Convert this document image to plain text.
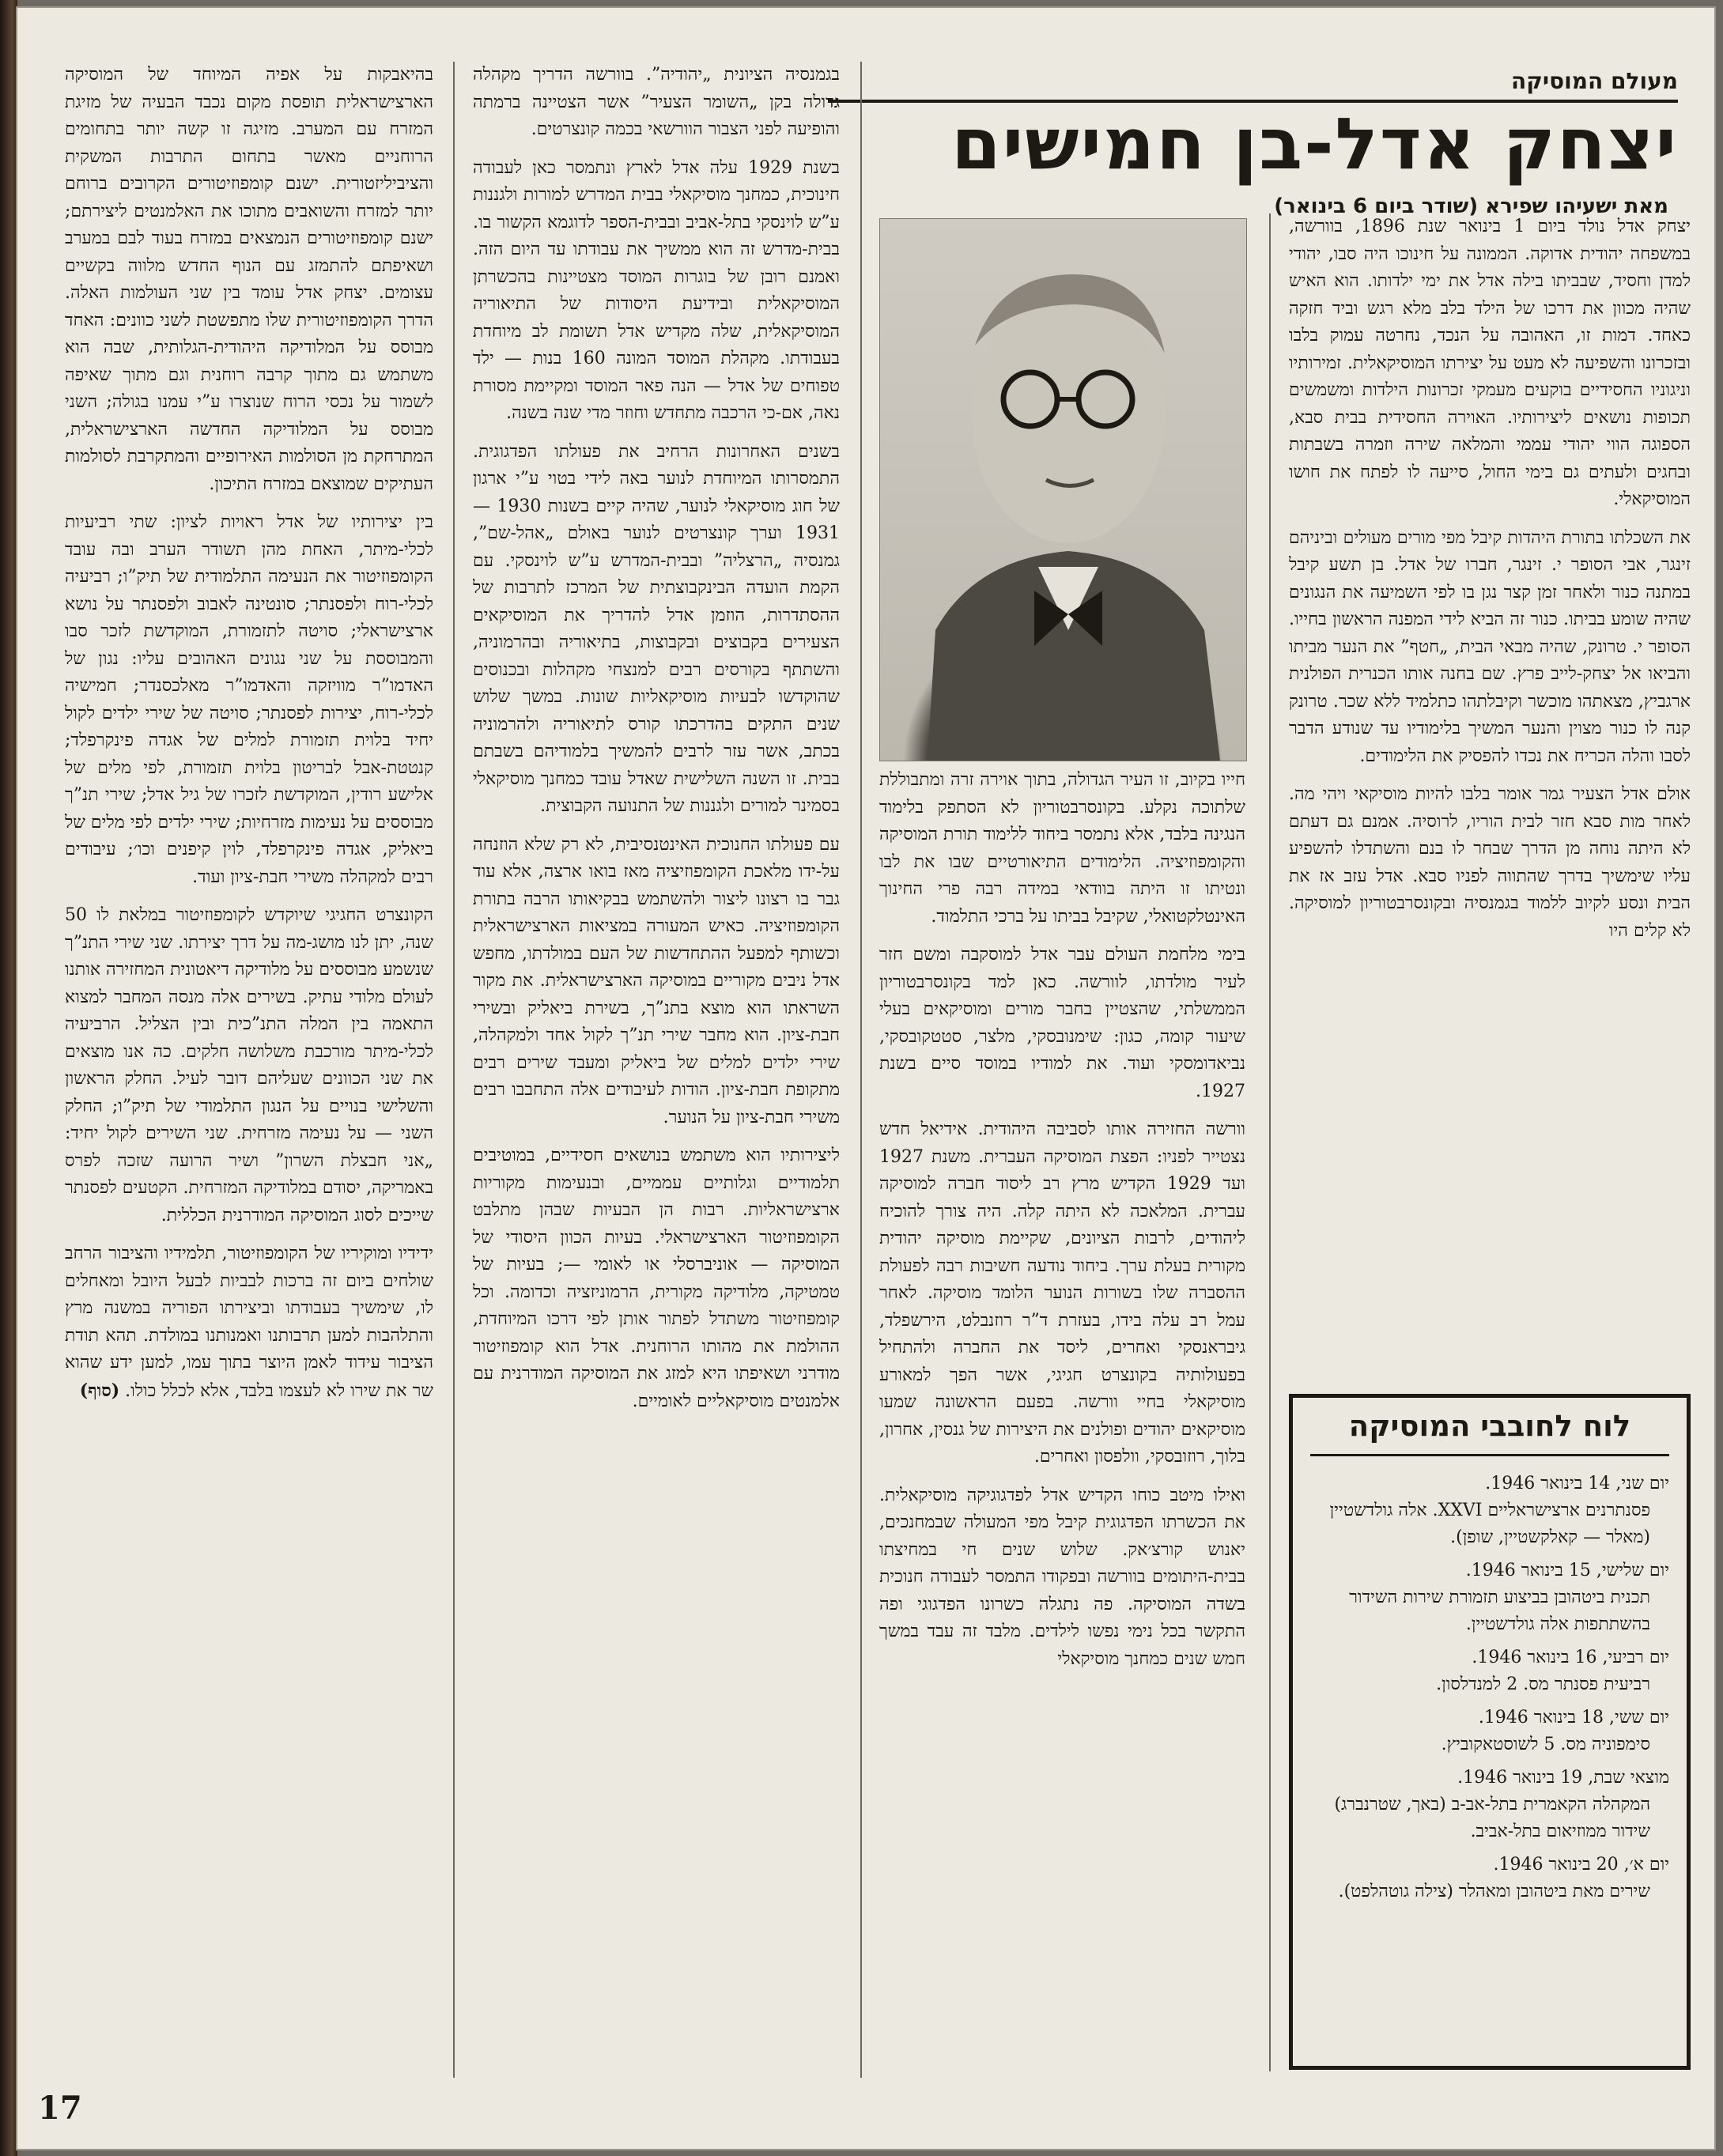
מעולם המוסיקה
יצחק אדל-בן חמישים
מאת ישעיהו שפירא (שודר ביום 6 בינואר)

יצחק אדל נולד ביום 1 בינואר שנת 1896, בוורשה, במשפחה יהודית אדוקה. הממונה על חינוכו היה סבו, יהודי למדן וחסיד, שבביתו בילה אדל את ימי ילדותו. הוא האיש שהיה מכוון את דרכו של הילד בלב מלא רגש וביד חזקה כאחד. דמות זו, האהובה על הנכד, נחרטה עמוק בלבו ובזכרונו והשפיעה לא מעט על יצירתו המוסיקאלית. זמירותיו וניגוניו החסידיים בוקעים מעמקי זכרונות הילדות ומשמשים תכופות נושאים ליצירותיו. האוירה החסידית בבית סבא, הספוגה הווי יהודי עממי והמלאה שירה וזמרה בשבתות ובחגים ולעתים גם בימי החול, סייעה לו לפתח את חושו המוסיקאלי.

את השכלתו בתורת היהדות קיבל מפי מורים מעולים וביניהם זינגר, אבי הסופר י. זינגר, חברו של אדל. בן תשע קיבל במתנה כנור ולאחר זמן קצר נגן בו לפי השמיעה את הנגונים שהיה שומע בביתו. כנור זה הביא לידי המפנה הראשון בחייו. הסופר י. טרונק, שהיה מבאי הבית, „חטף” את הנער מביתו והביאו אל יצחק-לייב פרץ. שם בחנה אותו הכנרית הפולנית ארגביץ, מצאתהו מוכשר וקיבלתהו כתלמיד ללא שכר. טרונק קנה לו כנור מצוין והנער המשיך בלימודיו עד שנודע הדבר לסבו והלה הכריח את נכדו להפסיק את הלימודים.

אולם אדל הצעיר גמר אומר בלבו להיות מוסיקאי ויהי מה. לאחר מות סבא חזר לבית הוריו, לרוסיה. אמנם גם דעתם לא היתה נוחה מן הדרך שבחר לו בנם והשתדלו להשפיע עליו שימשיך בדרך שהתווה לפניו סבא. אדל עזב אז את הבית ונסע לקיוב ללמוד בגמנסיה ובקונסרבטוריון למוסיקה. לא קלים היו

חייו בקיוב, זו העיר הגדולה, בתוך אוירה זרה ומתבוללת שלתוכה נקלע. בקונסרבטוריון לא הסתפק בלימוד הנגינה בלבד, אלא נתמסר ביחוד ללימוד תורת המוסיקה והקומפוזיציה. הלימודים התיאורטיים שבו את לבו ונטיתו זו היתה בוודאי במידה רבה פרי החינוך האינטלקטואלי, שקיבל בביתו על ברכי התלמוד.

בימי מלחמת העולם עבר אדל למוסקבה ומשם חזר לעיר מולדתו, לוורשה. כאן למד בקונסרבטוריון הממשלתי, שהצטיין בחבר מורים ומוסיקאים בעלי שיעור קומה, כגון: שימנובסקי, מלצר, סטטקובסקי, נביאדומסקי ועוד. את למודיו במוסד סיים בשנת 1927.

וורשה החזירה אותו לסביבה היהודית. אידיאל חדש נצטייר לפניו: הפצת המוסיקה העברית. משנת 1927 ועד 1929 הקדיש מרץ רב ליסוד חברה למוסיקה עברית. המלאכה לא היתה קלה. היה צורך להוכיח ליהודים, לרבות הציונים, שקיימת מוסיקה יהודית מקורית בעלת ערך. ביחוד נודעה חשיבות רבה לפעולת ההסברה שלו בשורות הנוער הלומד מוסיקה. לאחר עמל רב עלה בידו, בעזרת ד”ר רוזנבלט, הירשפלד, גיבראנסקי ואחרים, ליסד את החברה ולהתחיל בפעולותיה בקונצרט חגיגי, אשר הפך למאורע מוסיקאלי בחיי וורשה. בפעם הראשונה שמעו מוסיקאים יהודים ופולנים את היצירות של גנסין, אחרון, בלוך, רוזובסקי, וולפסון ואחרים.

ואילו מיטב כוחו הקדיש אדל לפדגוגיקה מוסיקאלית. את הכשרתו הפדגוגית קיבל מפי המעולה שבמחנכים, יאנוש קורצ׳אק. שלוש שנים חי במחיצתו בבית-היתומים בוורשה ובפקודו התמסר לעבודה חנוכית בשדה המוסיקה. פה נתגלה כשרונו הפדגוגי ופה התקשר בכל נימי נפשו לילדים. מלבד זה עבד במשך חמש שנים כמחנך מוסיקאלי

בגמנסיה הציונית „יהודיה”. בוורשה הדריך מקהלה גדולה בקן „השומר הצעיר” אשר הצטיינה ברמתה והופיעה לפני הצבור הוורשאי בכמה קונצרטים.

בשנת 1929 עלה אדל לארץ ונתמסר כאן לעבודה חינוכית, כמחנך מוסיקאלי בבית המדרש למורות ולגננות ע”ש לוינסקי בתל-אביב ובבית-הספר לדוגמא הקשור בו. בבית-מדרש זה הוא ממשיך את עבודתו עד היום הזה. ואמנם רובן של בוגרות המוסד מצטיינות בהכשרתן המוסיקאלית ובידיעת היסודות של התיאוריה המוסיקאלית, שלה מקדיש אדל תשומת לב מיוחדת בעבודתו. מקהלת המוסד המונה 160 בנות — ילד טפוחים של אדל — הנה פאר המוסד ומקיימת מסורת נאה, אם-כי הרכבה מתחדש וחוזר מדי שנה בשנה.

בשנים האחרונות הרחיב את פעולתו הפדגוגית. התמסרותו המיוחדת לנוער באה לידי בטוי ע”י ארגון של חוג מוסיקאלי לנוער, שהיה קיים בשנות 1930 — 1931 וערך קונצרטים לנוער באולם „אהל-שם”, גמנסיה „הרצליה” ובבית-המדרש ע”ש לוינסקי. עם הקמת הועדה הבינקבוצתית של המרכז לתרבות של ההסתדרות, הוזמן אדל להדריך את המוסיקאים הצעירים בקבוצים ובקבוצות, בתיאוריה ובהרמוניה, והשתתף בקורסים רבים למנצחי מקהלות ובכנוסים שהוקדשו לבעיות מוסיקאליות שונות. במשך שלוש שנים התקים בהדרכתו קורס לתיאוריה ולהרמוניה בכתב, אשר עזר לרבים להמשיך בלמודיהם בשבתם בבית. זו השנה השלישית שאדל עובד כמחנך מוסיקאלי בסמינר למורים ולגננות של התנועה הקבוצית.

עם פעולתו החנוכית האינטנסיבית, לא רק שלא הוזנחה על-ידו מלאכת הקומפוזיציה מאז בואו ארצה, אלא עוד גבר בו רצונו ליצור ולהשתמש בבקיאותו הרבה בתורת הקומפוזיציה. כאיש המעורה במציאות הארצישראלית וכשותף למפעל ההתחדשות של העם במולדתו, מחפש אדל ניבים מקוריים במוסיקה הארצישראלית. את מקור השראתו הוא מוצא בתנ”ך, בשירת ביאליק ובשירי חבת-ציון. הוא מחבר שירי תנ”ך לקול אחד ולמקהלה, שירי ילדים למלים של ביאליק ומעבד שירים רבים מתקופת חבת-ציון. הודות לעיבודים אלה התחבבו רבים משירי חבת-ציון על הנוער.

ליצירותיו הוא משתמש בנושאים חסידיים, במוטיבים תלמודיים וגלותיים עממיים, ובנעימות מקוריות ארצישראליות. רבות הן הבעיות שבהן מתלבט הקומפוזיטור הארצישראלי. בעיות הכוון היסודי של המוסיקה — אוניברסלי או לאומי —; בעיות של טמטיקה, מלודיקה מקורית, הרמוניזציה וכדומה. וכל קומפוזיטור משתדל לפתור אותן לפי דרכו המיוחדת, ההולמת את מהותו הרוחנית. אדל הוא קומפוזיטור מודרני ושאיפתו היא למזג את המוסיקה המודרנית עם אלמנטים מוסיקאליים לאומיים.

בהיאבקות על אפיה המיוחד של המוסיקה הארצישראלית תופסת מקום נכבד הבעיה של מזיגת המזרח עם המערב. מזיגה זו קשה יותר בתחומים הרוחניים מאשר בתחום התרבות המשקית והציביליזטורית. ישנם קומפוזיטורים הקרובים ברוחם יותר למזרח והשואבים מתוכו את האלמנטים ליצירתם; ישנם קומפוזיטורים הנמצאים במזרח בעוד לבם במערב ושאיפתם להתמזג עם הנוף החדש מלווה בקשיים עצומים. יצחק אדל עומד בין שני העולמות האלה. הדרך הקומפוזיטורית שלו מתפשטת לשני כוונים: האחד מבוסס על המלודיקה היהודית-הגלותית, שבה הוא משתמש גם מתוך קרבה רוחנית וגם מתוך שאיפה לשמור על נכסי הרוח שנוצרו ע”י עמנו בגולה; השני מבוסס על המלודיקה החדשה הארצישראלית, המתרחקת מן הסולמות האירופיים והמתקרבת לסולמות העתיקים שמוצאם במזרח התיכון.

בין יצירותיו של אדל ראויות לציון: שתי רביעיות לכלי-מיתר, האחת מהן תשודר הערב ובה עובד הקומפוזיטור את הנעימה התלמודית של תיק”ו; רביעיה לכלי-רוח ולפסנתר; סונטינה לאבוב ולפסנתר על נושא ארצישראלי; סויטה לתזמורת, המוקדשת לזכר סבו והמבוססת על שני נגונים האהובים עליו: נגון של האדמו”ר מוויזקה והאדמו”ר מאלכסנדר; חמישיה לכלי-רוח, יצירות לפסנתר; סויטה של שירי ילדים לקול יחיד בלוית תזמורת למלים של אגדה פינקרפלד; קנטטת-אבל לבריטון בלוית תזמורת, לפי מלים של אלישע רודין, המוקדשת לזכרו של גיל אדל; שירי תנ”ך מבוססים על נעימות מזרחיות; שירי ילדים לפי מלים של ביאליק, אגדה פינקרפלד, לוין קיפנים וכו׳; עיבודים רבים למקהלה משירי חבת-ציון ועוד.

הקונצרט החגיגי שיוקדש לקומפוזיטור במלאת לו 50 שנה, יתן לנו מושג-מה על דרך יצירתו. שני שירי התנ”ך שנשמע מבוססים על מלודיקה דיאטונית המחזירה אותנו לעולם מלודי עתיק. בשירים אלה מנסה המחבר למצוא התאמה בין המלה התנ”כית ובין הצליל. הרביעיה לכלי-מיתר מורכבת משלושה חלקים. כה אנו מוצאים את שני הכוונים שעליהם דובר לעיל. החלק הראשון והשלישי בנויים על הנגון התלמודי של תיק”ו; החלק השני — על נעימה מזרחית. שני השירים לקול יחיד: „אני חבצלת השרון” ושיר הרועה שזכה לפרס באמריקה, יסודם במלודיקה המזרחית. הקטעים לפסנתר שייכים לסוג המוסיקה המודרנית הכללית.

ידידיו ומוקיריו של הקומפוזיטור, תלמידיו והציבור הרחב שולחים ביום זה ברכות לבביות לבעל היובל ומאחלים לו, שימשיך בעבודתו וביצירתו הפוריה במשנה מרץ והתלהבות למען תרבותנו ואמנותנו במולדת. תהא תודת הציבור עידוד לאמן היוצר בתוך עמו, למען ידע שהוא שר את שירו לא לעצמו בלבד, אלא לכלל כולו. (סוף)

לוח לחובבי המוסיקה
יום שני, 14 בינואר 1946.
פסנתרנים ארצישראליים XXVI. אלה גולדשטיין (מאלר — קאלקשטיין, שופן).
יום שלישי, 15 בינואר 1946.
תכנית ביטהובן בביצוע תזמורת שירות השידור בהשתתפות אלה גולדשטיין.
יום רביעי, 16 בינואר 1946.
רביעית פסנתר מס. 2 למנדלסון.
יום ששי, 18 בינואר 1946.
סימפוניה מס. 5 לשוסטאקוביץ.
מוצאי שבת, 19 בינואר 1946.
המקהלה הקאמרית בתל-אב-ב (באך, שטרנברג) שידור ממוזיאום בתל-אביב.
יום א׳, 20 בינואר 1946.
שירים מאת ביטהובן ומאהלר (צילה גוטהלפט).
17
